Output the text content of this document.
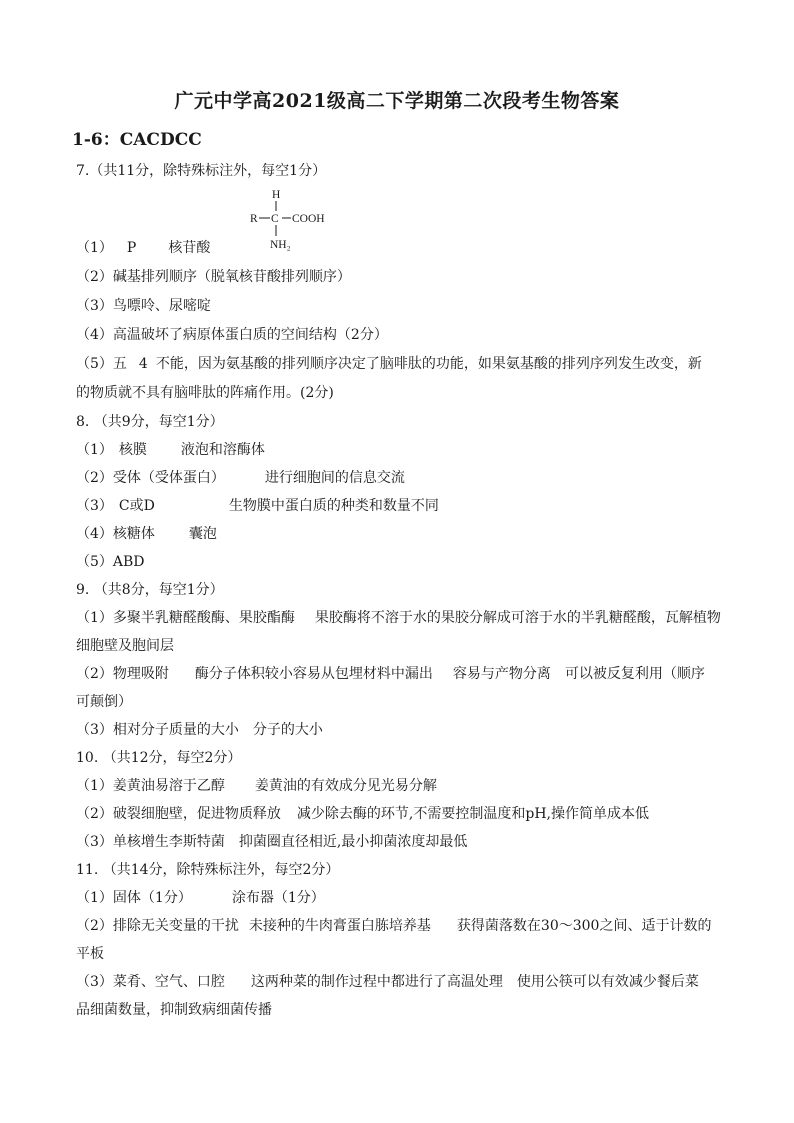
广元中学高2021级高二下学期第二次段考生物答案
1-6：CACDCC
7.（共11分，除特殊标注外，每空1分）
H
R C COOH
NH₂
（1） P 核苷酸
（2）碱基排列顺序（脱氧核苷酸排列顺序）
（3）鸟嘌呤、尿嘧啶
（4）高温破坏了病原体蛋白质的空间结构（2分）
（5）五 4 不能，因为氨基酸的排列顺序决定了脑啡肽的功能，如果氨基酸的排列序列发生改变，新
的物质就不具有脑啡肽的阵痛作用。(2分)
8. （共9分，每空1分）
（1） 核膜 液泡和溶酶体
（2）受体（受体蛋白）	进行细胞间的信息交流
（3） C或D	生物膜中蛋白质的种类和数量不同
（4）核糖体 囊泡
（5）ABD
9. （共8分，每空1分）
（1）多聚半乳糖醛酸酶、果胶酯酶 果胶酶将不溶于水的果胶分解成可溶于水的半乳糖醛酸，瓦解植物
细胞壁及胞间层
（2）物理吸附 酶分子体积较小容易从包埋材料中漏出 容易与产物分离 可以被反复利用（顺序
可颠倒）
（3）相对分子质量的大小 分子的大小
10. （共12分，每空2分）
（1）姜黄油易溶于乙醇 姜黄油的有效成分见光易分解
（2）破裂细胞壁，促进物质释放 减少除去酶的环节,不需要控制温度和pH,操作简单成本低
（3）单核增生李斯特菌 抑菌圈直径相近,最小抑菌浓度却最低
11. （共14分，除特殊标注外，每空2分）
（1）固体（1分）	涂布器（1分）
（2）排除无关变量的干扰 未接种的牛肉膏蛋白胨培养基 获得菌落数在30～300之间、适于计数的
平板
（3）菜肴、空气、口腔 这两种菜的制作过程中都进行了高温处理 使用公筷可以有效减少餐后菜
品细菌数量，抑制致病细菌传播
